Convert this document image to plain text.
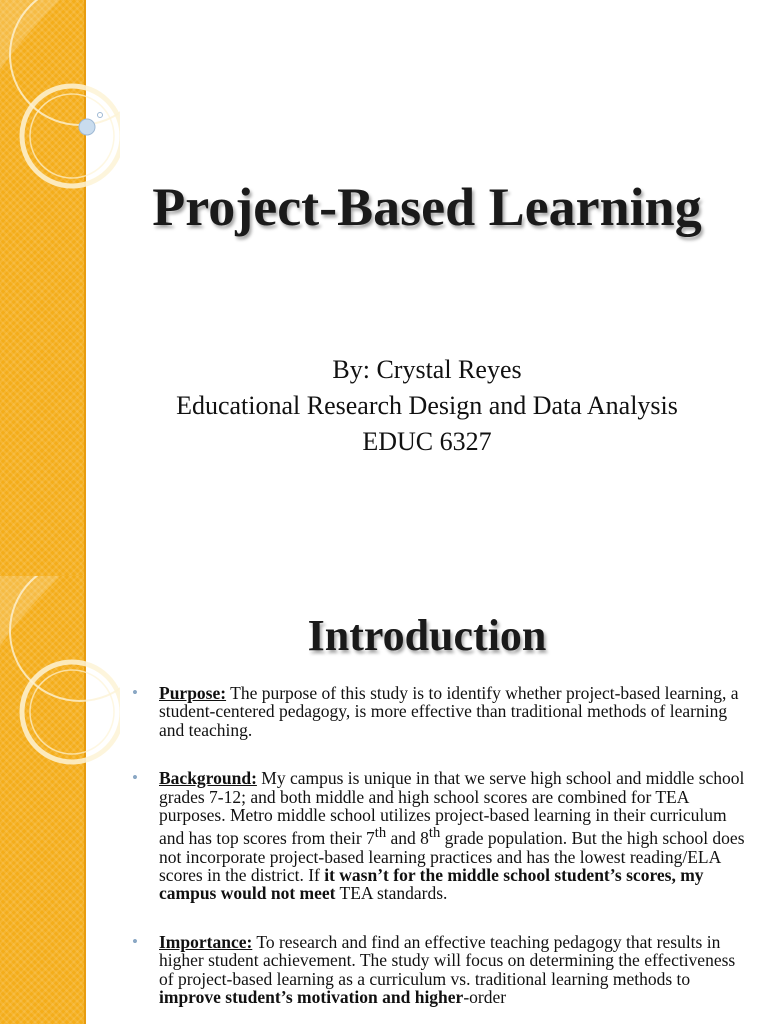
Project-Based Learning
By: Crystal Reyes
Educational Research Design and Data Analysis
EDUC 6327
Introduction
• Purpose: The purpose of this study is to identify whether project-based learning, a student-centered pedagogy, is more effective than traditional methods of learning and teaching.
• Background: My campus is unique in that we serve high school and middle school grades 7-12; and both middle and high school scores are combined for TEA purposes. Metro middle school utilizes project-based learning in their curriculum and has top scores from their 7th and 8th grade population. But the high school does not incorporate project-based learning practices and has the lowest reading/ELA scores in the district. If it wasn’t for the middle school student’s scores, my campus would not meet TEA standards.
• Importance: To research and find an effective teaching pedagogy that results in higher student achievement. The study will focus on determining the effectiveness of project-based learning as a curriculum vs. traditional learning methods to improve student’s motivation and higher-order
